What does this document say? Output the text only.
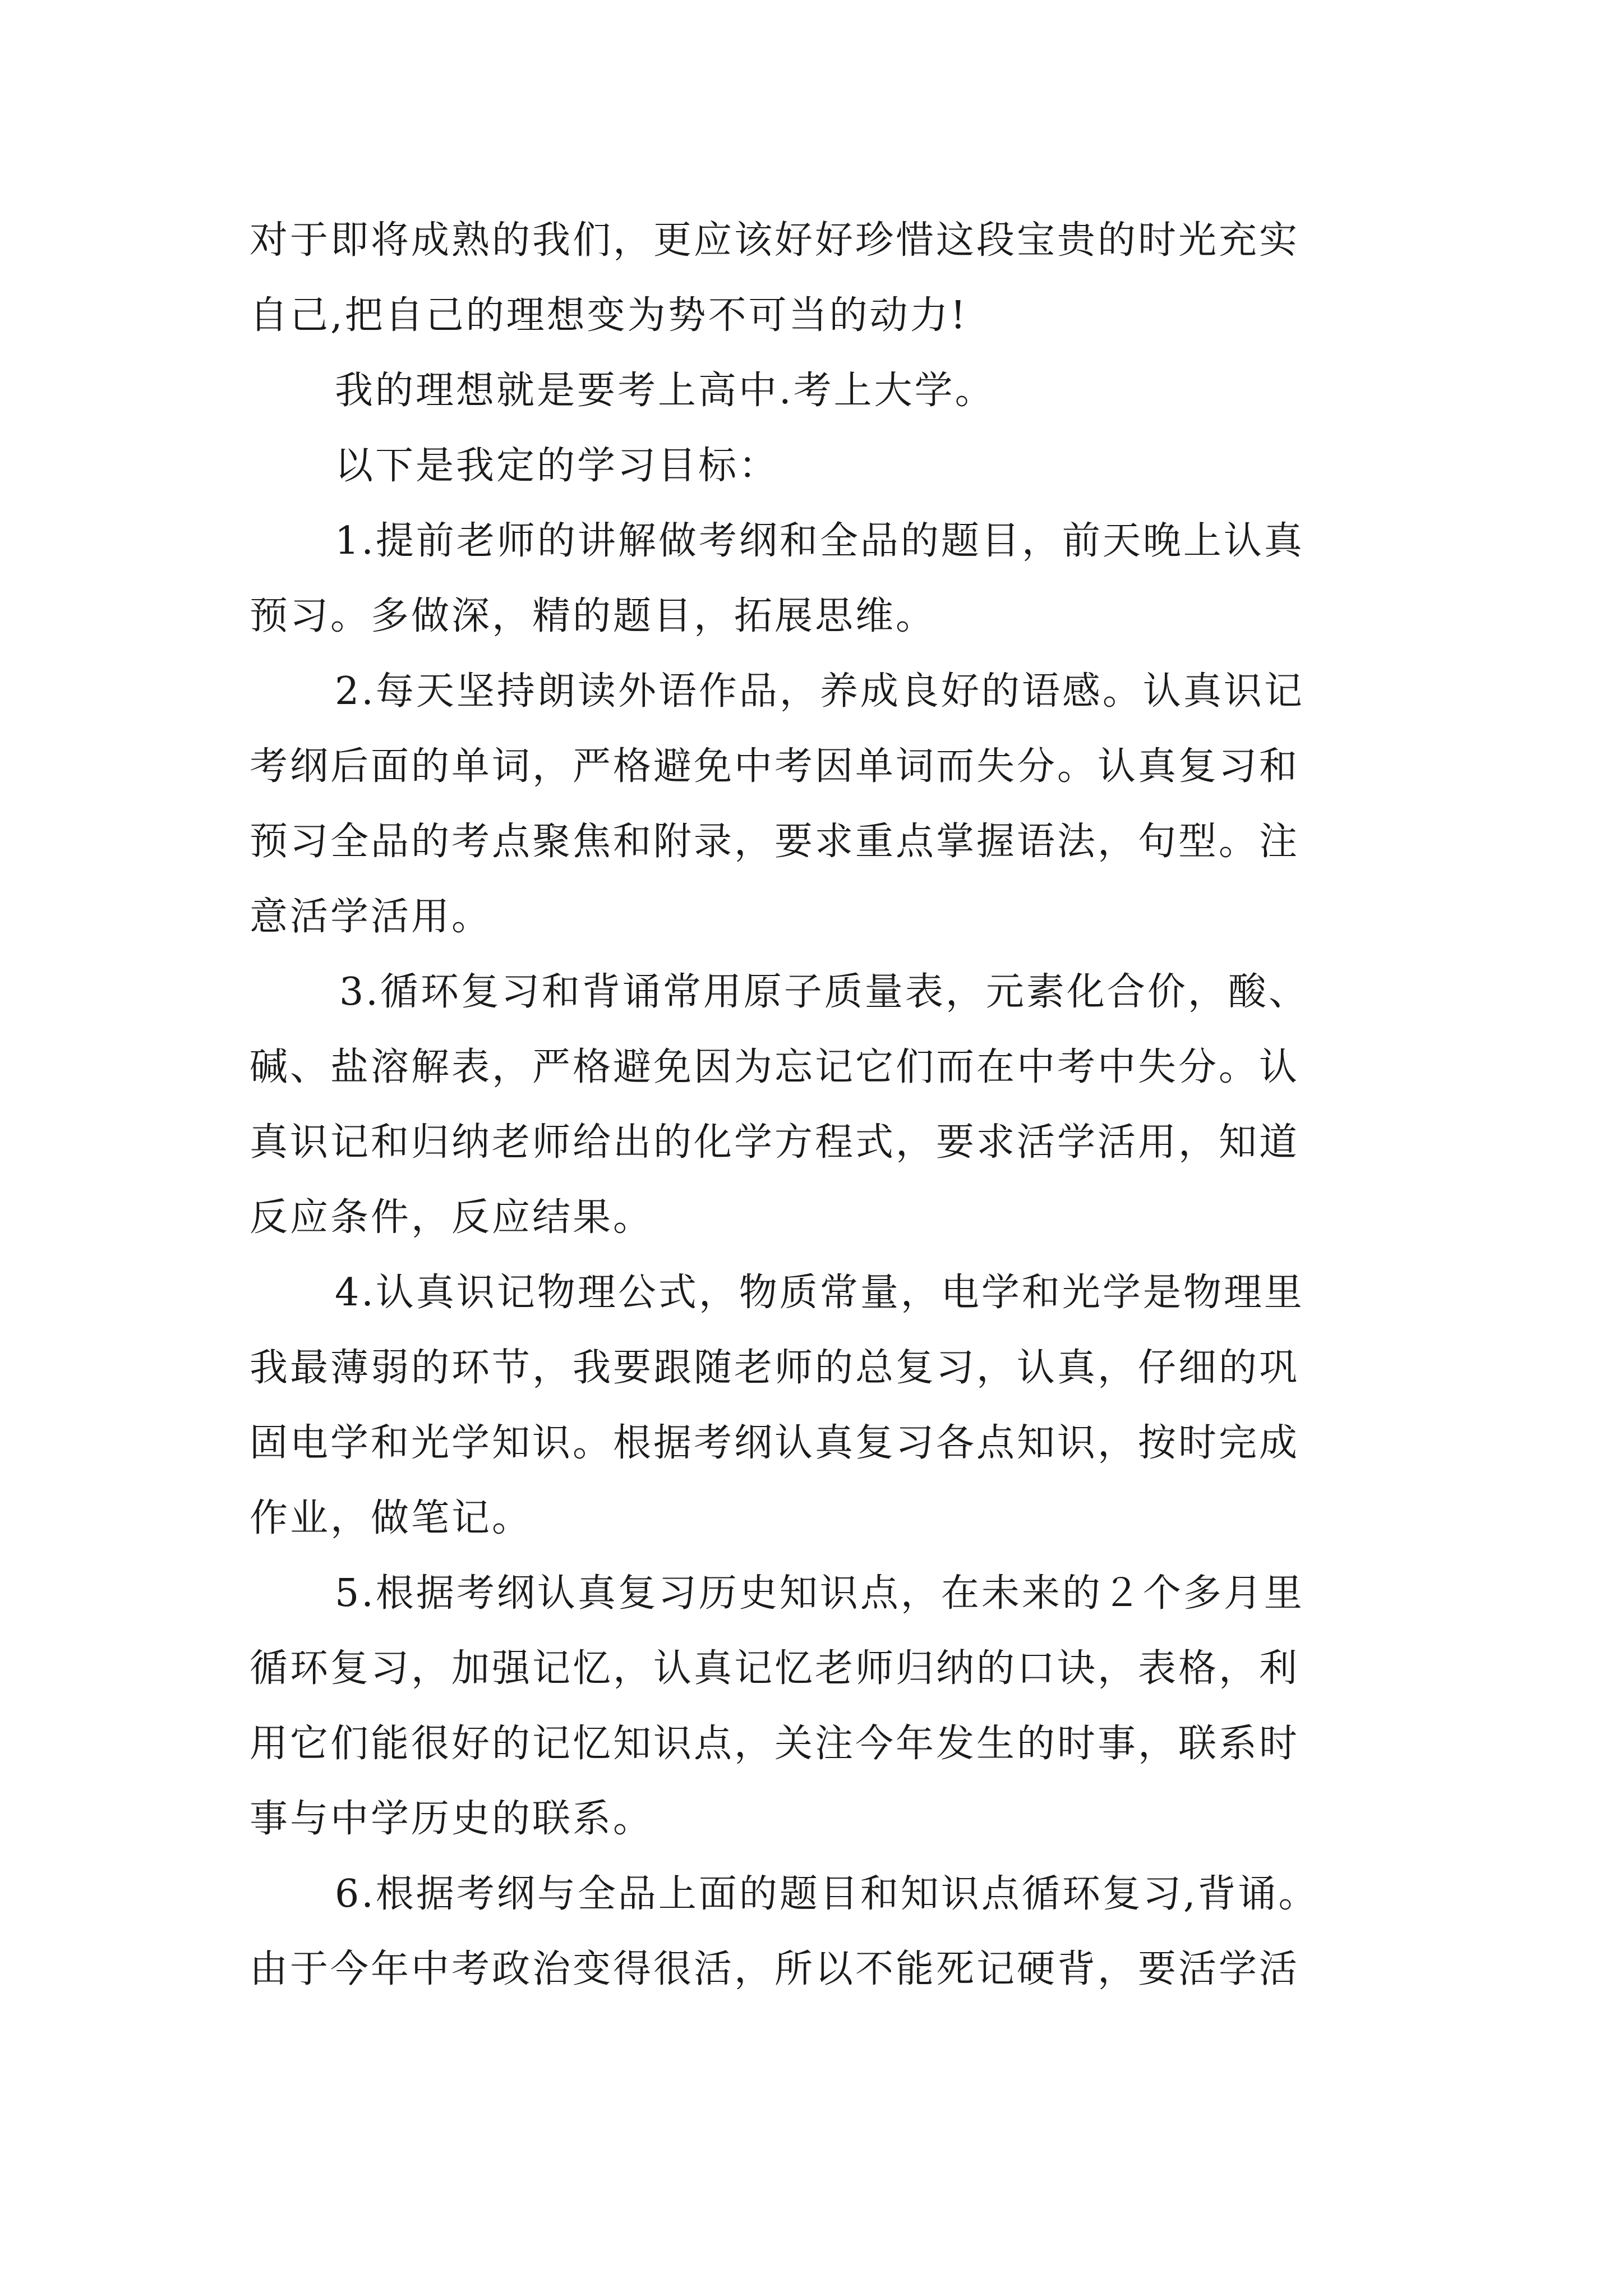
对于即将成熟的我们，更应该好好珍惜这段宝贵的时光充实
自己,把自己的理想变为势不可当的动力!
我的理想就是要考上高中.考上大学。
以下是我定的学习目标：
1.提前老师的讲解做考纲和全品的题目，前天晚上认真
预习。多做深，精的题目，拓展思维。
2.每天坚持朗读外语作品，养成良好的语感。认真识记
考纲后面的单词，严格避免中考因单词而失分。认真复习和
预习全品的考点聚焦和附录，要求重点掌握语法，句型。注
意活学活用。
3.循环复习和背诵常用原子质量表，元素化合价，酸、
碱、盐溶解表，严格避免因为忘记它们而在中考中失分。认
真识记和归纳老师给出的化学方程式，要求活学活用，知道
反应条件，反应结果。
4.认真识记物理公式，物质常量，电学和光学是物理里
我最薄弱的环节，我要跟随老师的总复习，认真，仔细的巩
固电学和光学知识。根据考纲认真复习各点知识，按时完成
作业，做笔记。
5.根据考纲认真复习历史知识点，在未来的２个多月里
循环复习，加强记忆，认真记忆老师归纳的口诀，表格，利
用它们能很好的记忆知识点，关注今年发生的时事，联系时
事与中学历史的联系。
6.根据考纲与全品上面的题目和知识点循环复习,背诵。
由于今年中考政治变得很活，所以不能死记硬背，要活学活
